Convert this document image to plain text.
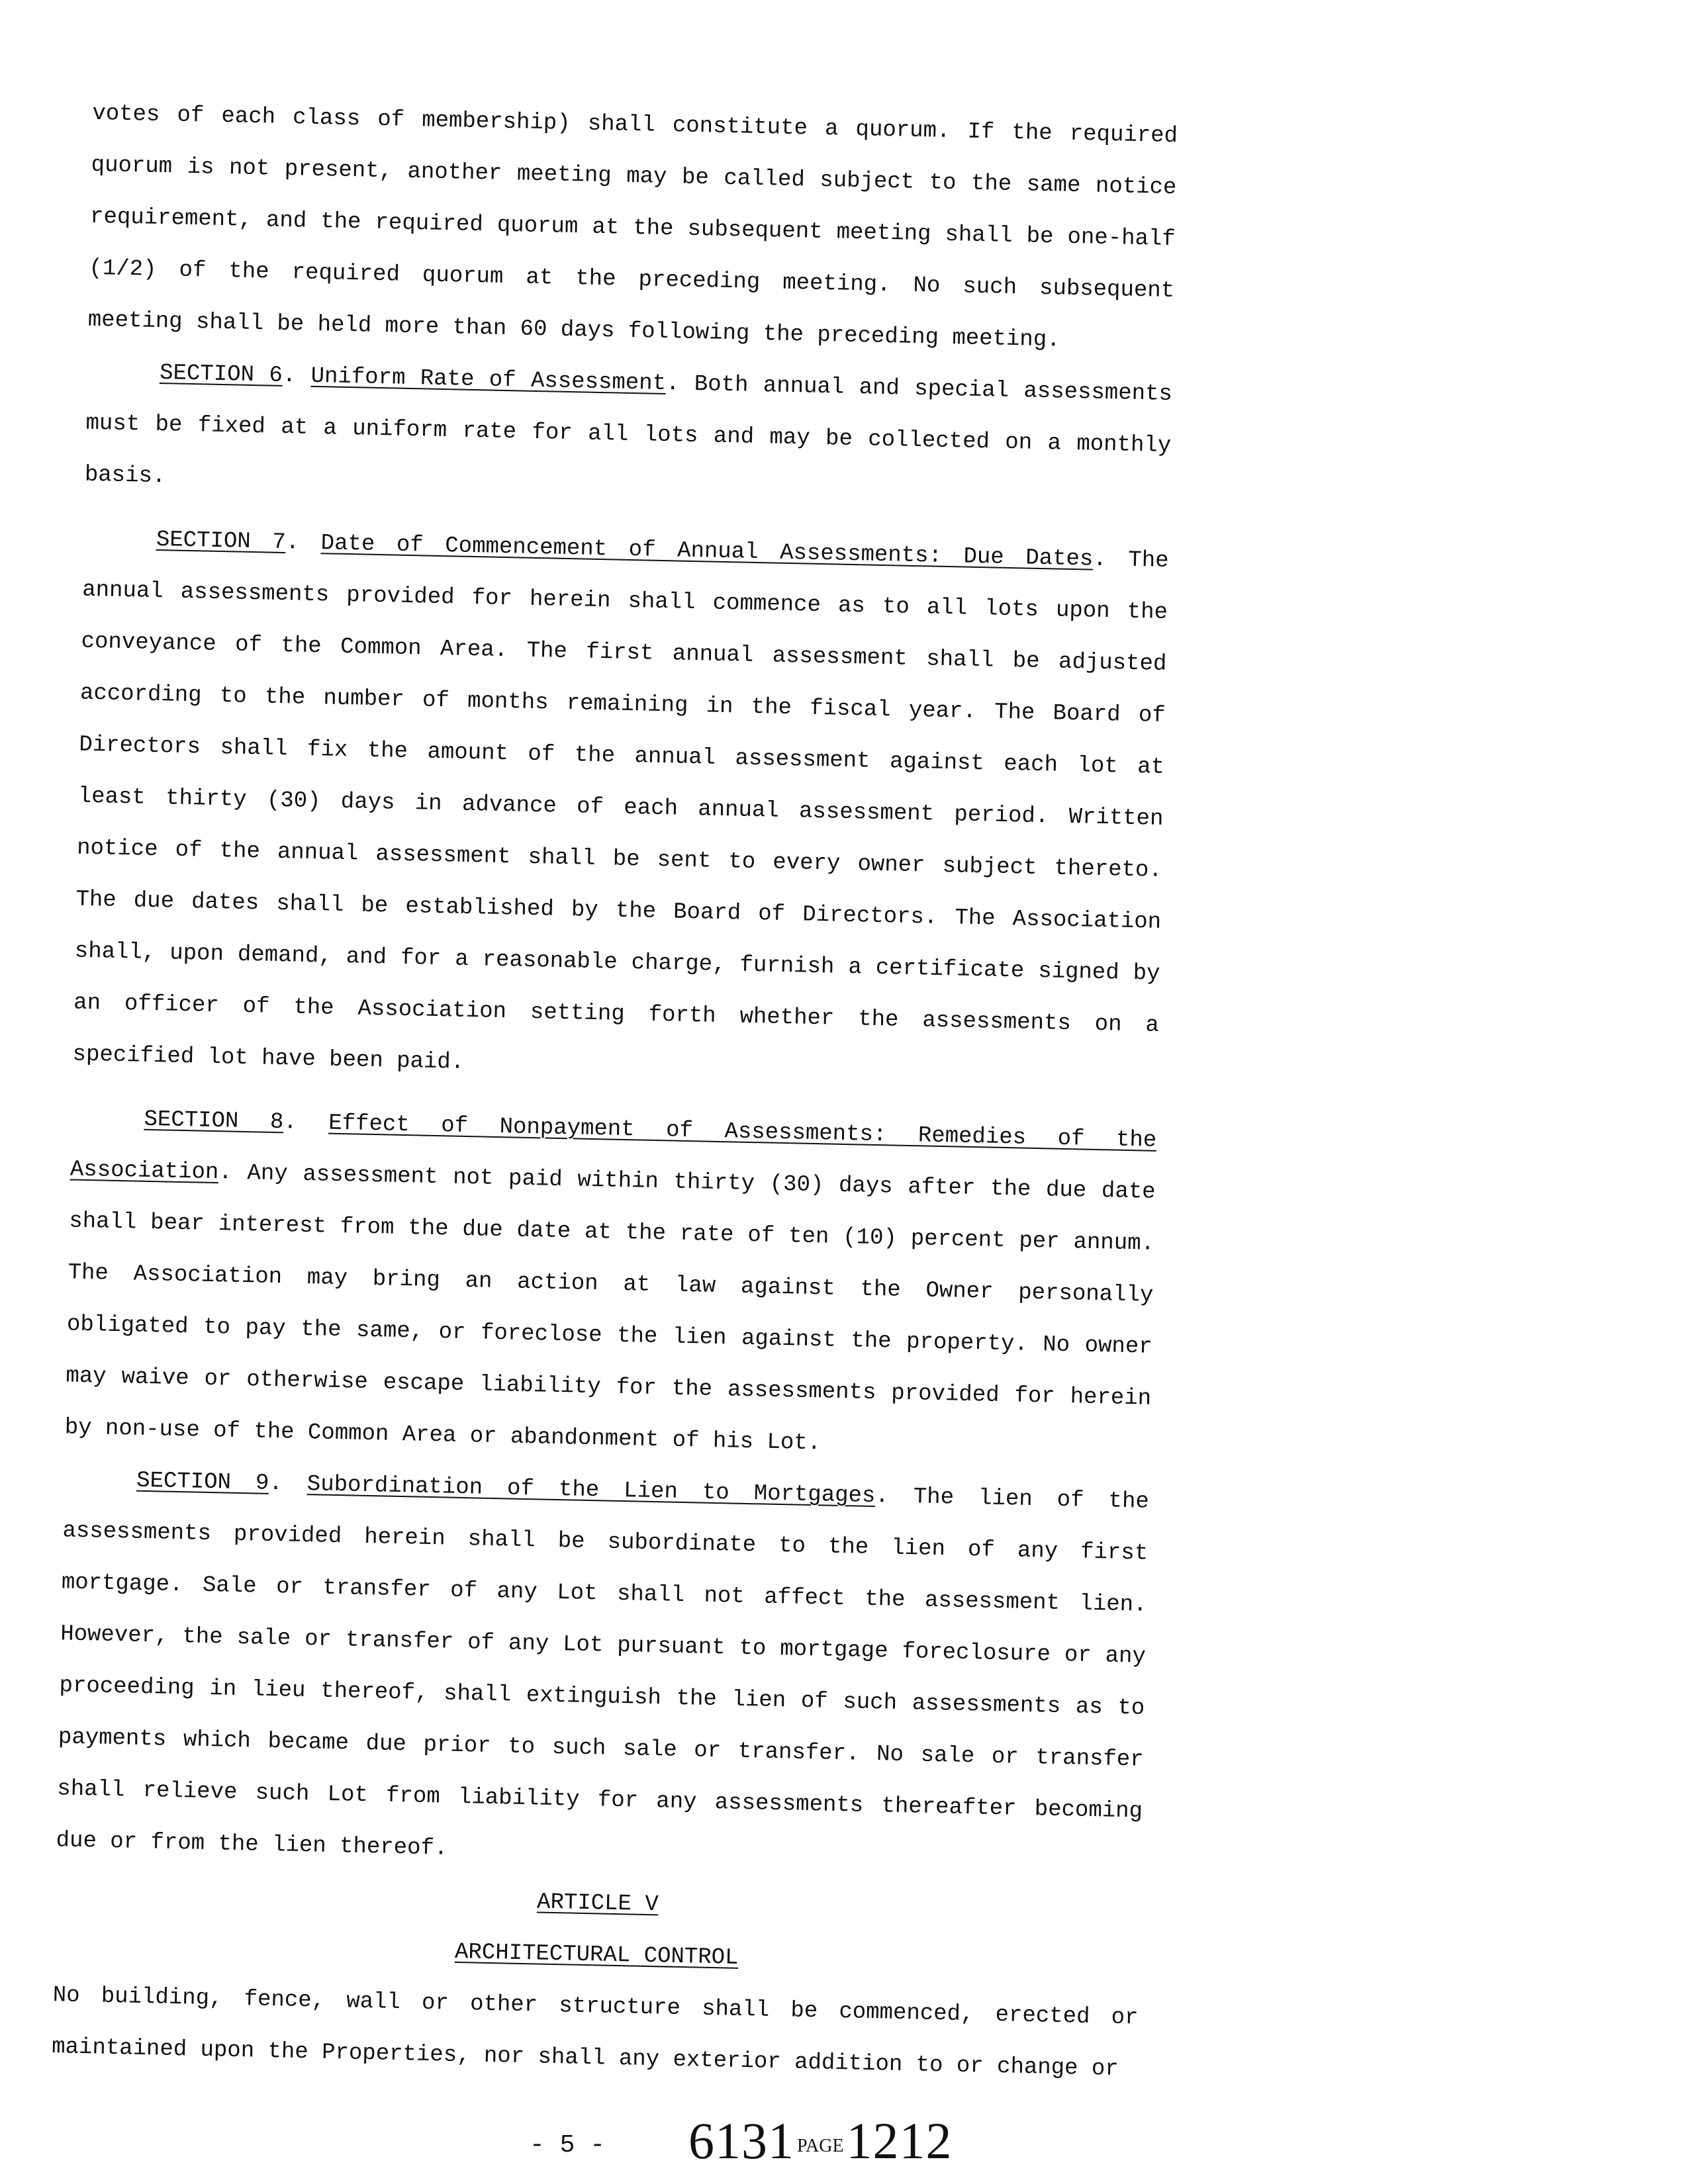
votes of each class of membership) shall constitute a quorum. If the required quorum is not present, another meeting may be called subject to the same notice requirement, and the required quorum at the subsequent meeting shall be one-half (1/2) of the required quorum at the preceding meeting. No such subsequent meeting shall be held more than 60 days following the preceding meeting.

SECTION 6. Uniform Rate of Assessment. Both annual and special assessments must be fixed at a uniform rate for all lots and may be collected on a monthly basis.

SECTION 7. Date of Commencement of Annual Assessments: Due Dates. The annual assessments provided for herein shall commence as to all lots upon the conveyance of the Common Area. The first annual assessment shall be adjusted according to the number of months remaining in the fiscal year. The Board of Directors shall fix the amount of the annual assessment against each lot at least thirty (30) days in advance of each annual assessment period. Written notice of the annual assessment shall be sent to every owner subject thereto. The due dates shall be established by the Board of Directors. The Association shall, upon demand, and for a reasonable charge, furnish a certificate signed by an officer of the Association setting forth whether the assessments on a specified lot have been paid.

SECTION 8. Effect of Nonpayment of Assessments: Remedies of the Association. Any assessment not paid within thirty (30) days after the due date shall bear interest from the due date at the rate of ten (10) percent per annum. The Association may bring an action at law against the Owner personally obligated to pay the same, or foreclose the lien against the property. No owner may waive or otherwise escape liability for the assessments provided for herein by non-use of the Common Area or abandonment of his Lot.

SECTION 9. Subordination of the Lien to Mortgages. The lien of the assessments provided herein shall be subordinate to the lien of any first mortgage. Sale or transfer of any Lot shall not affect the assessment lien. However, the sale or transfer of any Lot pursuant to mortgage foreclosure or any proceeding in lieu thereof, shall extinguish the lien of such assessments as to payments which became due prior to such sale or transfer. No sale or transfer shall relieve such Lot from liability for any assessments thereafter becoming due or from the lien thereof.

ARTICLE V

ARCHITECTURAL CONTROL

No building, fence, wall or other structure shall be commenced, erected or maintained upon the Properties, nor shall any exterior addition to or change or

- 5 - 6131 PAGE1212
